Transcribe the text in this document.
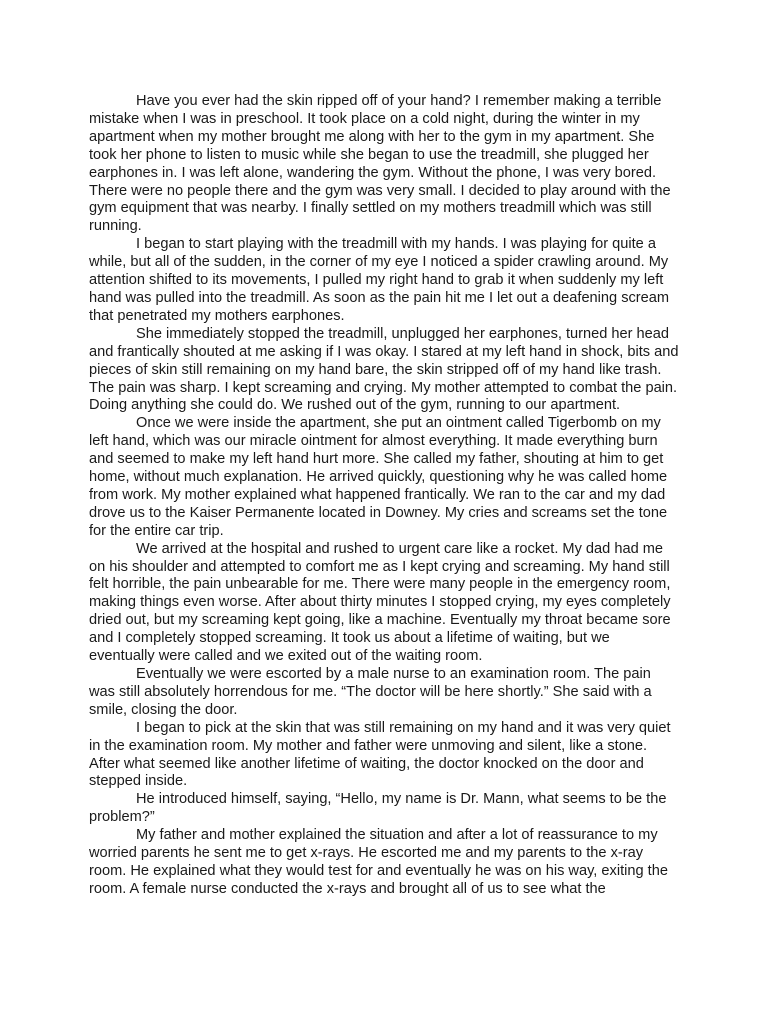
Have you ever had the skin ripped off of your hand? I remember making a terrible mistake when I was in preschool. It took place on a cold night, during the winter in my apartment when my mother brought me along with her to the gym in my apartment. She took her phone to listen to music while she began to use the treadmill, she plugged her earphones in. I was left alone, wandering the gym. Without the phone, I was very bored. There were no people there and the gym was very small. I decided to play around with the gym equipment that was nearby. I finally settled on my mothers treadmill which was still running.

I began to start playing with the treadmill with my hands. I was playing for quite a while, but all of the sudden, in the corner of my eye I noticed a spider crawling around. My attention shifted to its movements, I pulled my right hand to grab it when suddenly my left hand was pulled into the treadmill. As soon as the pain hit me I let out a deafening scream that penetrated my mothers earphones.

She immediately stopped the treadmill, unplugged her earphones, turned her head and frantically shouted at me asking if I was okay. I stared at my left hand in shock, bits and pieces of skin still remaining on my hand bare, the skin stripped off of my hand like trash. The pain was sharp. I kept screaming and crying. My mother attempted to combat the pain. Doing anything she could do. We rushed out of the gym, running to our apartment.

Once we were inside the apartment, she put an ointment called Tigerbomb on my left hand, which was our miracle ointment for almost everything. It made everything burn and seemed to make my left hand hurt more. She called my father, shouting at him to get home, without much explanation. He arrived quickly, questioning why he was called home from work. My mother explained what happened frantically. We ran to the car and my dad drove us to the Kaiser Permanente located in Downey. My cries and screams set the tone for the entire car trip.

We arrived at the hospital and rushed to urgent care like a rocket. My dad had me on his shoulder and attempted to comfort me as I kept crying and screaming. My hand still felt horrible, the pain unbearable for me. There were many people in the emergency room, making things even worse. After about thirty minutes I stopped crying, my eyes completely dried out, but my screaming kept going, like a machine. Eventually my throat became sore and I completely stopped screaming. It took us about a lifetime of waiting, but we eventually were called and we exited out of the waiting room.

Eventually we were escorted by a male nurse to an examination room. The pain was still absolutely horrendous for me. “The doctor will be here shortly.” She said with a smile, closing the door.

I began to pick at the skin that was still remaining on my hand and it was very quiet in the examination room. My mother and father were unmoving and silent, like a stone. After what seemed like another lifetime of waiting, the doctor knocked on the door and stepped inside.

He introduced himself, saying, “Hello, my name is Dr. Mann, what seems to be the problem?”

My father and mother explained the situation and after a lot of reassurance to my worried parents he sent me to get x-rays. He escorted me and my parents to the x-ray room. He explained what they would test for and eventually he was on his way, exiting the room. A female nurse conducted the x-rays and brought all of us to see what the
